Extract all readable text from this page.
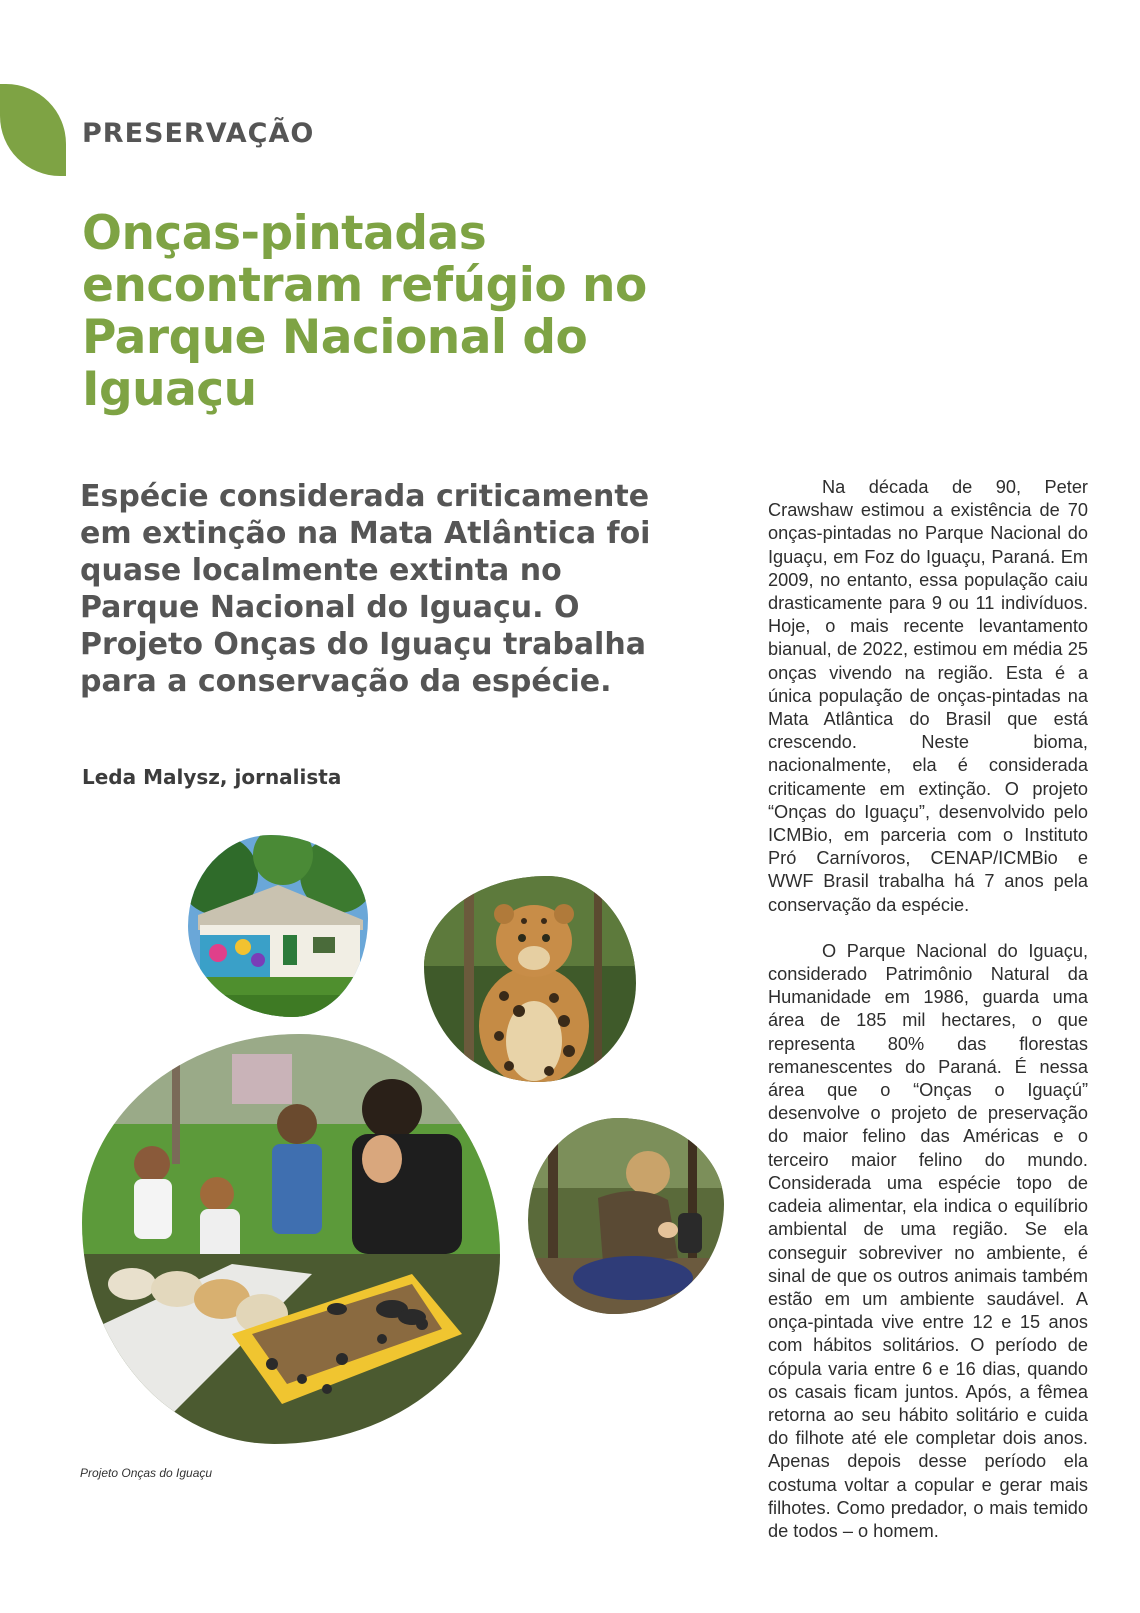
PRESERVAÇÃO
Onças-pintadas encontram refúgio no Parque Nacional do Iguaçu

Espécie considerada criticamente em extinção na Mata Atlântica foi quase localmente extinta no Parque Nacional do Iguaçu. O Projeto Onças do Iguaçu trabalha para a conservação da espécie.

Leda Malysz, jornalista

Na década de 90, Peter Crawshaw estimou a existência de 70 onças-pintadas no Parque Nacional do Iguaçu, em Foz do Iguaçu, Paraná. Em 2009, no entanto, essa população caiu drasticamente para 9 ou 11 indivíduos. Hoje, o mais recente levantamento bianual, de 2022, estimou em média 25 onças vivendo na região. Esta é a única população de onças-pintadas na Mata Atlântica do Brasil que está crescendo. Neste bioma, nacionalmente, ela é considerada criticamente em extinção. O projeto “Onças do Iguaçu”, desenvolvido pelo ICMBio, em parceria com o Instituto Pró Carnívoros, CENAP/ICMBio e WWF Brasil trabalha há 7 anos pela conservação da espécie.

O Parque Nacional do Iguaçu, considerado Patrimônio Natural da Humanidade em 1986, guarda uma área de 185 mil hectares, o que representa 80% das florestas remanescentes do Paraná. É nessa área que o “Onças o Iguaçú” desenvolve o projeto de preservação do maior felino das Américas e o terceiro maior felino do mundo. Considerada uma espécie topo de cadeia alimentar, ela indica o equilíbrio ambiental de uma região. Se ela conseguir sobreviver no ambiente, é sinal de que os outros animais também estão em um ambiente saudável. A onça-pintada vive entre 12 e 15 anos com hábitos solitários. O período de cópula varia entre 6 e 16 dias, quando os casais ficam juntos. Após, a fêmea retorna ao seu hábito solitário e cuida do filhote até ele completar dois anos. Apenas depois desse período ela costuma voltar a copular e gerar mais filhotes. Como predador, o mais temido de todos – o homem.

Projeto Onças do Iguaçu
